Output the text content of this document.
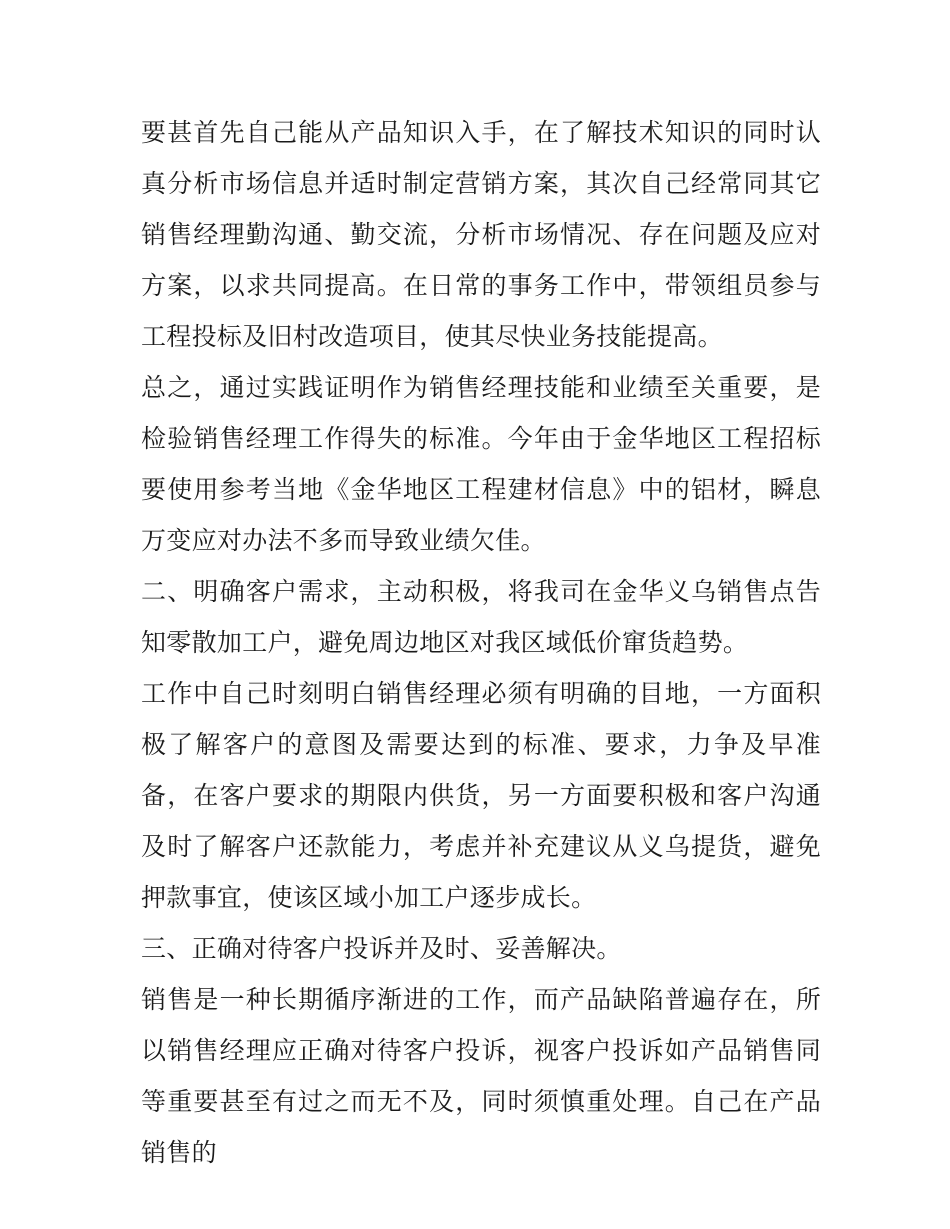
要甚首先自己能从产品知识入手，在了解技术知识的同时认真分析市场信息并适时制定营销方案，其次自己经常同其它销售经理勤沟通、勤交流，分析市场情况、存在问题及应对方案，以求共同提高。在日常的事务工作中，带领组员参与工程投标及旧村改造项目，使其尽快业务技能提高。

总之，通过实践证明作为销售经理技能和业绩至关重要，是检验销售经理工作得失的标准。今年由于金华地区工程招标要使用参考当地《金华地区工程建材信息》中的铝材，瞬息万变应对办法不多而导致业绩欠佳。

二、明确客户需求，主动积极，将我司在金华义乌销售点告知零散加工户，避免周边地区对我区域低价窜货趋势。

工作中自己时刻明白销售经理必须有明确的目地，一方面积极了解客户的意图及需要达到的标准、要求，力争及早准备，在客户要求的期限内供货，另一方面要积极和客户沟通及时了解客户还款能力，考虑并补充建议从义乌提货，避免押款事宜，使该区域小加工户逐步成长。

三、正确对待客户投诉并及时、妥善解决。

销售是一种长期循序渐进的工作，而产品缺陷普遍存在，所以销售经理应正确对待客户投诉，视客户投诉如产品销售同等重要甚至有过之而无不及，同时须慎重处理。自己在产品销售的
